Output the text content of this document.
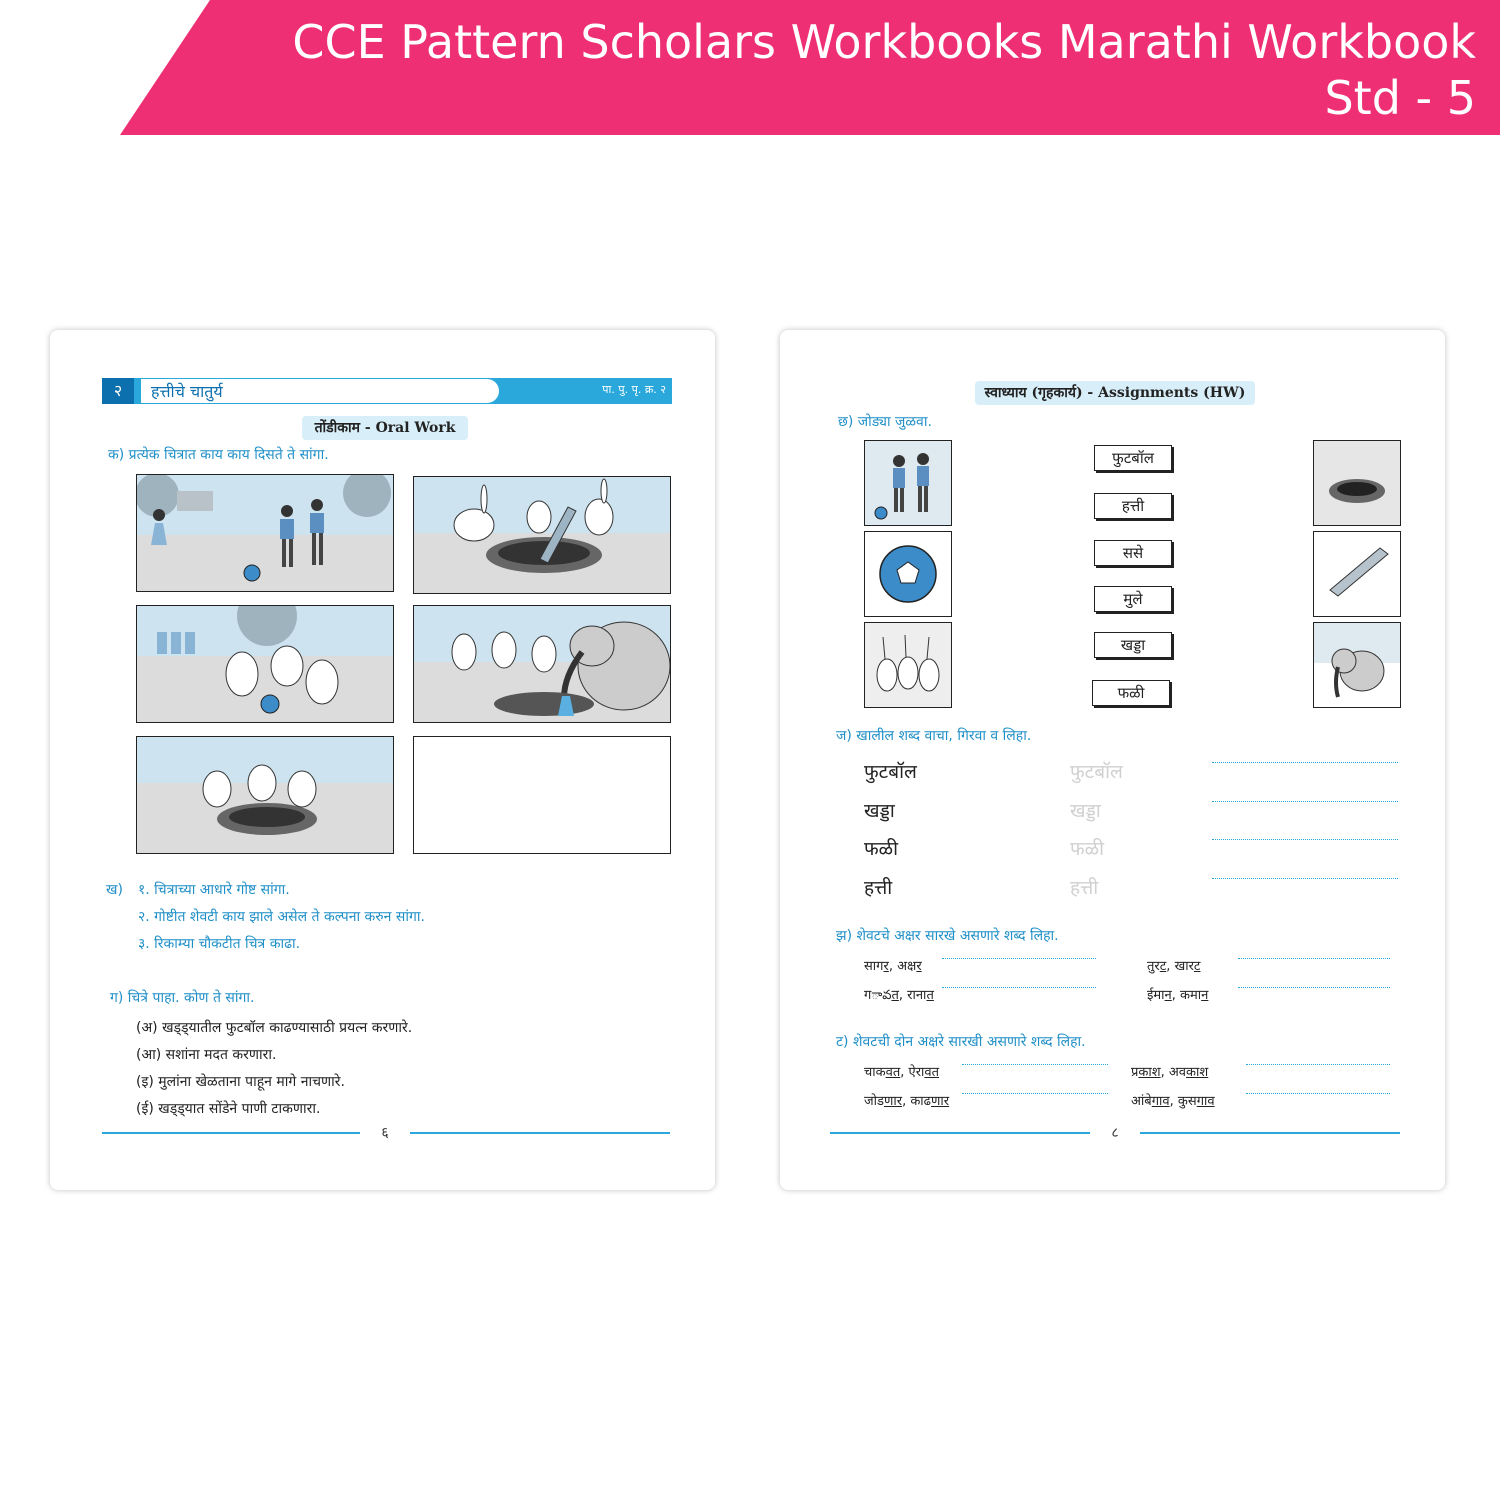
CCE Pattern Scholars Workbooks Marathi Workbook
Std - 5
२	हत्तीचे चातुर्य	पा. पु. पृ. क्र. २
तोंडीकाम - Oral Work
क) प्रत्येक चित्रात काय काय दिसते ते सांगा.
ख) १. चित्राच्या आधारे गोष्ट सांगा.
२. गोष्टीत शेवटी काय झाले असेल ते कल्पना करुन सांगा.
३. रिकाम्या चौकटीत चित्र काढा.
ग) चित्रे पाहा. कोण ते सांगा.
(अ) खड्ड्यातील फुटबॉल काढण्यासाठी प्रयत्न करणारे.
(आ) सशांना मदत करणारा.
(इ) मुलांना खेळताना पाहून मागे नाचणारे.
(ई) खड्ड्यात सोंडेने पाणी टाकणारा.
६
स्वाध्याय (गृहकार्य) - Assignments (HW)
छ) जोड्या जुळवा.
फुटबॉल
हत्ती
ससे
मुले
खड्डा
फळी
ज) खालील शब्द वाचा, गिरवा व लिहा.
फुटबॉल	फुटबॉल
खड्डा	खड्डा
फळी	फळी
हत्ती	हत्ती
झ) शेवटचे अक्षर सारखे असणारे शब्द लिहा.
सागर, अक्षर	तुरट, खारट
गావत, रानात	ईमान, कमान
ट) शेवटची दोन अक्षरे सारखी असणारे शब्द लिहा.
चाकवत, ऐरावत	प्रकाश, अवकाश
जोडणार, काढणार	आंबेगाव, कुसगाव
८
